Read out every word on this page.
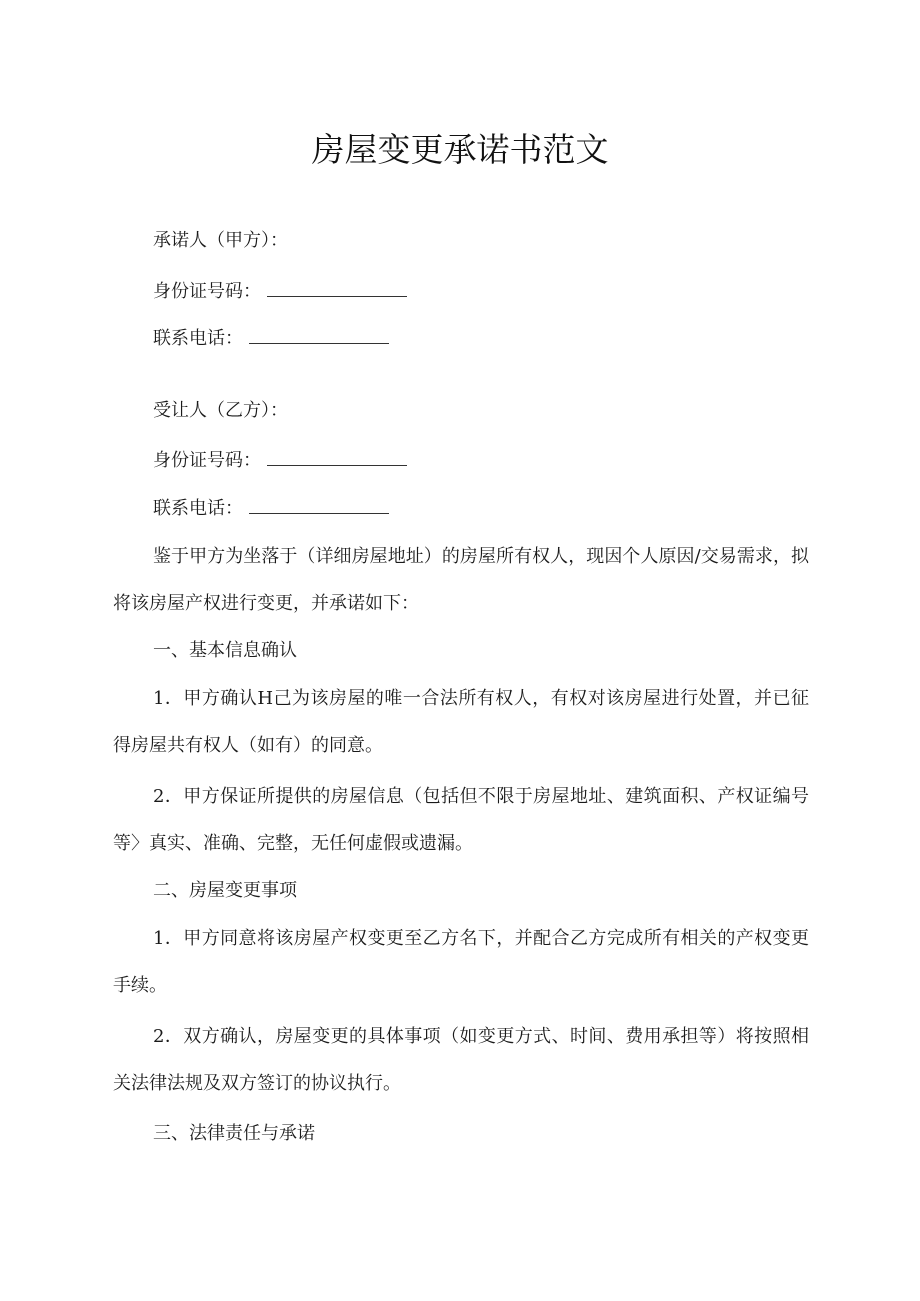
房屋变更承诺书范文
承诺人（甲方）：
身份证号码：
联系电话：
受让人（乙方）：
身份证号码：
联系电话：
鉴于甲方为坐落于（详细房屋地址）的房屋所有权人，现因个人原因/交易需求，拟将该房屋产权进行变更，并承诺如下：
一、基本信息确认
1．甲方确认H己为该房屋的唯一合法所有权人，有权对该房屋进行处置，并已征得房屋共有权人（如有）的同意。
2．甲方保证所提供的房屋信息（包括但不限于房屋地址、建筑面积、产权证编号等〉真实、准确、完整，无任何虚假或遗漏。
二、房屋变更事项
1．甲方同意将该房屋产权变更至乙方名下，并配合乙方完成所有相关的产权变更手续。
2．双方确认，房屋变更的具体事项（如变更方式、时间、费用承担等）将按照相关法律法规及双方签订的协议执行。
三、法律责任与承诺
